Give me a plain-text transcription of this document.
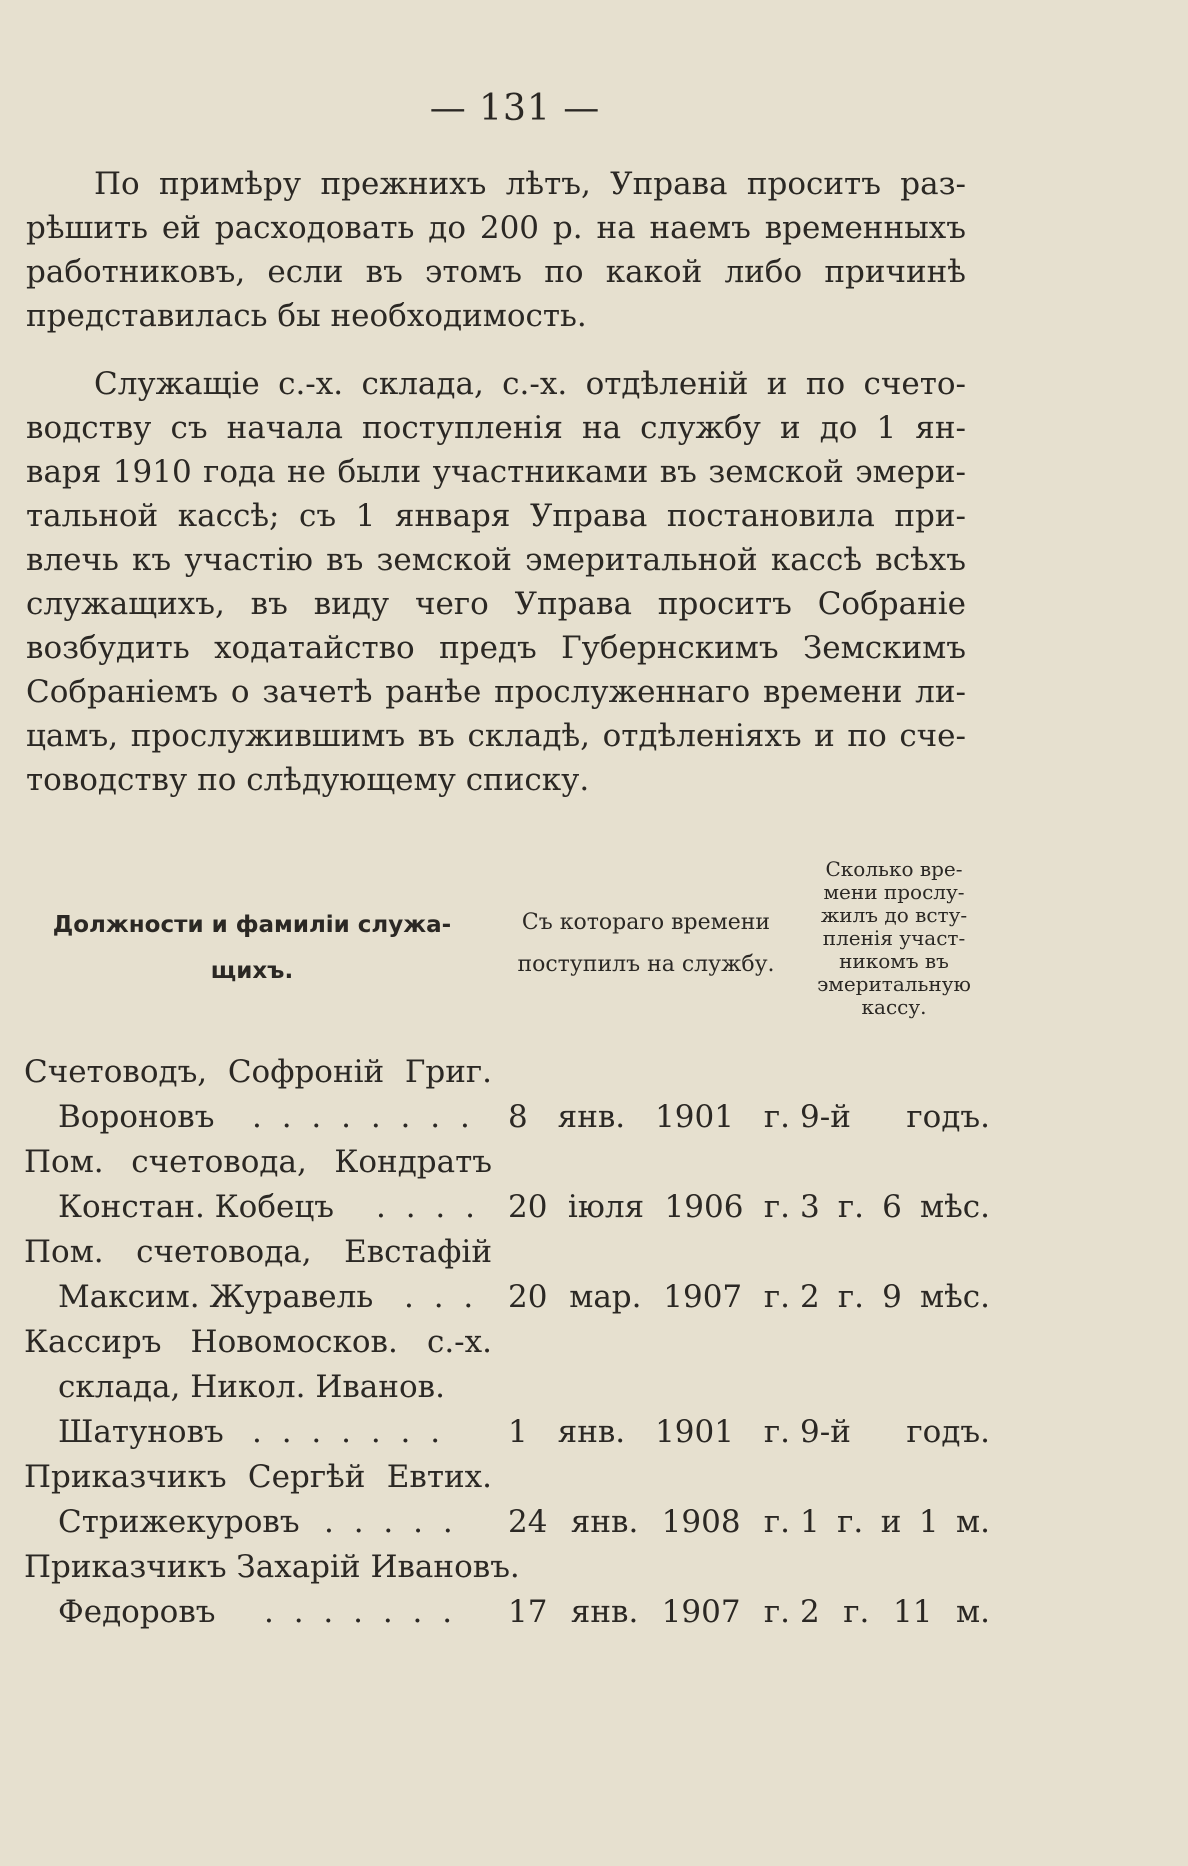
— 131 —

По примѣру прежнихъ лѣтъ, Управа проситъ раз-
рѣшить ей расходовать до 200 р. на наемъ временныхъ
работниковъ, если въ этомъ по какой либо причинѣ
представилась бы необходимость.

Служащіе с.-х. склада, с.-х. отдѣленій и по счето-
водству съ начала поступленія на службу и до 1 ян-
варя 1910 года не были участниками въ земской эмери-
тальной кассѣ; съ 1 января Управа постановила при-
влечь къ участію въ земской эмеритальной кассѣ всѣхъ
служащихъ, въ виду чего Управа проситъ Собраніе
возбудить ходатайство предъ Губернскимъ Земскимъ
Собраніемъ о зачетѣ ранѣе прослуженнаго времени ли-
цамъ, прослужившимъ въ складѣ, отдѣленіяхъ и по сче-
товодству по слѣдующему списку.

Должности и фамиліи служа-
щихъ.
Съ котораго времени
поступилъ на службу.
Сколько вре-
мени прослу-
жилъ до всту-
пленія участ-
никомъ въ
эмеритальную
кассу.
Счетоводъ, Софроній Григ.
Вороновъ . . . . . . . . 8 янв. 1901 г. 9-й годъ.
Пом. счетовода, Кондратъ
Констан. Кобецъ . . . . 20 іюля 1906 г. 3 г. 6 мѣс.
Пом. счетовода, Евстафій
Максим. Журавель . . . 20 мар. 1907 г. 2 г. 9 мѣс.
Кассиръ Новомосков. с.-х.
склада, Никол. Иванов.
Шатуновъ . . . . . . . 1 янв. 1901 г. 9-й годъ.
Приказчикъ Сергѣй Евтих.
Стрижекуровъ . . . . . 24 янв. 1908 г. 1 г. и 1 м.
Приказчикъ Захарій Ивановъ.
Федоровъ . . . . . . . 17 янв. 1907 г. 2 г. 11 м.
